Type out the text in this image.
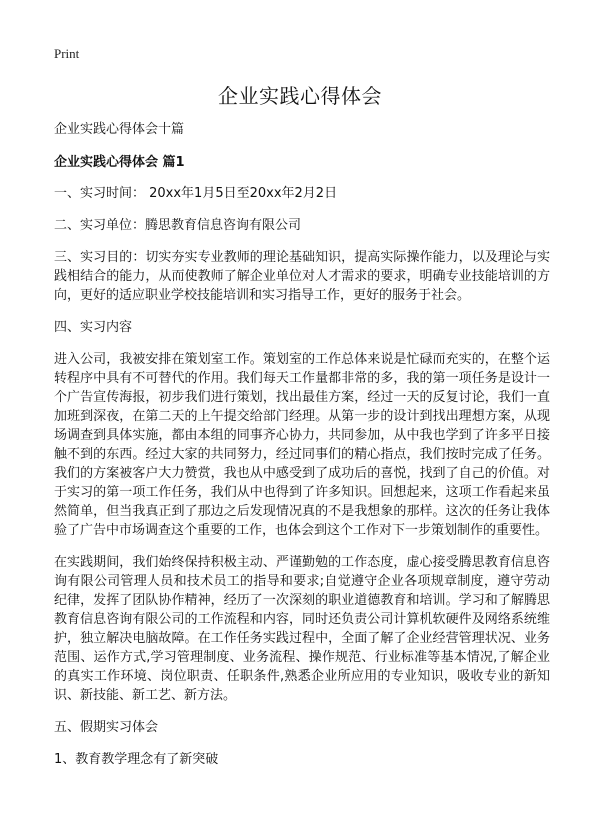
Print
企业实践心得体会

企业实践心得体会十篇

企业实践心得体会 篇1

一、实习时间： 20xx年1月5日至20xx年2月2日

二、实习单位：腾思教育信息咨询有限公司

三、实习目的：切实夯实专业教师的理论基础知识，提高实际操作能力，以及理论与实践相结合的能力，从而使教师了解企业单位对人才需求的要求，明确专业技能培训的方向，更好的适应职业学校技能培训和实习指导工作，更好的服务于社会。

四、实习内容

进入公司，我被安排在策划室工作。策划室的工作总体来说是忙碌而充实的，在整个运转程序中具有不可替代的作用。我们每天工作量都非常的多，我的第一项任务是设计一个广告宣传海报，初步我们进行策划，找出最佳方案，经过一天的反复讨论，我们一直加班到深夜，在第二天的上午提交给部门经理。从第一步的设计到找出理想方案，从现场调查到具体实施，都由本组的同事齐心协力，共同参加，从中我也学到了许多平日接触不到的东西。经过大家的共同努力，经过同事们的精心指点，我们按时完成了任务。我们的方案被客户大力赞赏，我也从中感受到了成功后的喜悦，找到了自己的价值。对于实习的第一项工作任务，我们从中也得到了许多知识。回想起来，这项工作看起来虽然简单，但当我真正到了那边之后发现情况真的不是我想象的那样。这次的任务让我体验了广告中市场调查这个重要的工作，也体会到这个工作对下一步策划制作的重要性。

在实践期间，我们始终保持积极主动、严谨勤勉的工作态度，虚心接受腾思教育信息咨询有限公司管理人员和技术员工的指导和要求;自觉遵守企业各项规章制度，遵守劳动纪律，发挥了团队协作精神，经历了一次深刻的职业道德教育和培训。学习和了解腾思教育信息咨询有限公司的工作流程和内容，同时还负责公司计算机软硬件及网络系统维护，独立解决电脑故障。在工作任务实践过程中，全面了解了企业经营管理状况、业务范围、运作方式,学习管理制度、业务流程、操作规范、行业标准等基本情况,了解企业的真实工作环境、岗位职责、任职条件,熟悉企业所应用的专业知识，吸收专业的新知识、新技能、新工艺、新方法。

五、假期实习体会

1、教育教学理念有了新突破
